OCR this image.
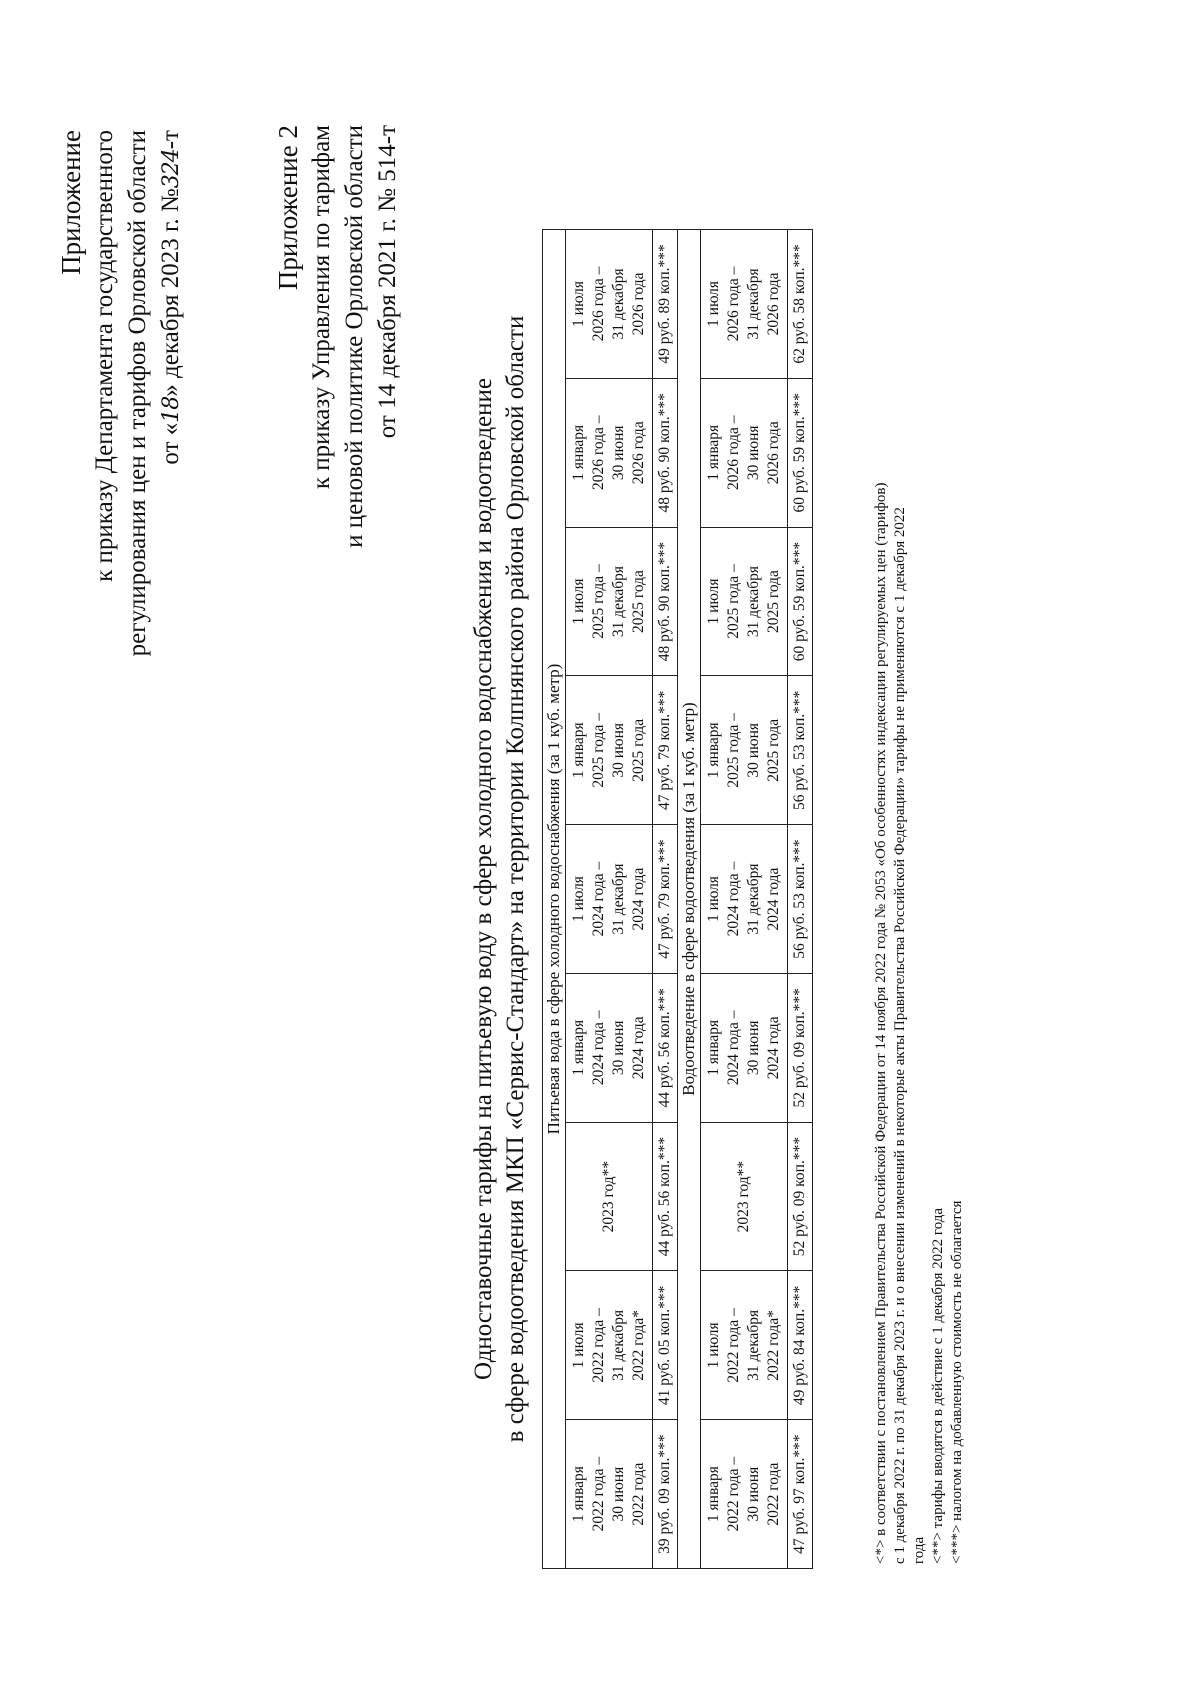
Приложение к приказу Департамента государственного регулирования цен и тарифов Орловской области от «18» декабря 2023 г. №324-т	Приложение 2 к приказу Управления по тарифам и ценовой политике Орловской области от 14 декабря 2021 г. № 514-т
Одноставочные тарифы на питьевую воду в сфере холодного водоснабжения и водоотведение в сфере водоотведения МКП «Сервис-Стандарт» на территории Колпнянского района Орловской области Питьевая вода в сфере холодного водоснабжения (за 1 куб. метр)								
1 января 2022 года – 30 июня 2022 года	1 июля 2022 года – 31 декабря 2022 года*	2023 год**	1 января 2024 года – 30 июня 2024 года	1 июля 2024 года – 31 декабря 2024 года	1 января 2025 года – 30 июня 2025 года	1 июля 2025 года – 31 декабря 2025 года	1 января 2026 года – 30 июня 2026 года	1 июля 2026 года – 31 декабря 2026 года
39 руб. 09 коп.***	41 руб. 05 коп.***	44 руб. 56 коп.***	44 руб. 56 коп.***	47 руб. 79 коп.***	47 руб. 79 коп.***	48 руб. 90 коп.***	48 руб. 90 коп.***	49 руб. 89 коп.***
Водоотведение в сфере водоотведения (за 1 куб. метр)								
1 января 2022 года – 30 июня 2022 года	1 июля 2022 года – 31 декабря 2022 года*	2023 год**	1 января 2024 года – 30 июня 2024 года	1 июля 2024 года – 31 декабря 2024 года	1 января 2025 года – 30 июня 2025 года	1 июля 2025 года – 31 декабря 2025 года	1 января 2026 года – 30 июня 2026 года	1 июля 2026 года – 31 декабря 2026 года
47 руб. 97 коп.***	49 руб. 84 коп.***	52 руб. 09 коп.***	52 руб. 09 коп.***	56 руб. 53 коп.***	56 руб. 53 коп.***	60 руб. 59 коп.***	60 руб. 59 коп.***	62 руб. 58 коп.***
<*> в соответствии с постановлением Правительства Российской Федерации от 14 ноября 2022 года № 2053 «Об особенностях индексации регулируемых цен (тарифов) с 1 декабря 2022 г. по 31 декабря 2023 г. и о внесении изменений в некоторые акты Правительства Российской Федерации» тарифы не применяются с 1 декабря 2022 года <**> тарифы вводятся в действие с 1 декабря 2022 года <***> налогом на добавленную стоимость не облагается
